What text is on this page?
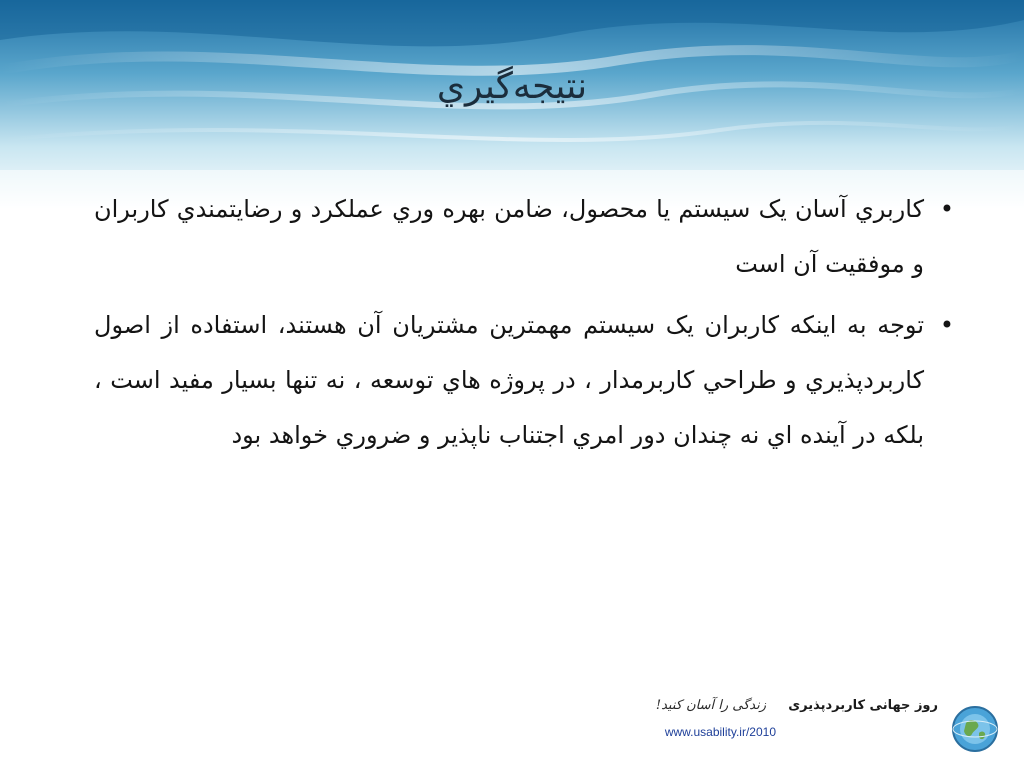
نتيجه‌گيري
•
کاربري آسان يک سيستم يا محصول، ضامن بهره وري عملکرد و رضايتمندي کاربران و موفقيت آن است
•
توجه به اينکه کاربران يک سيستم مهمترين مشتريان آن هستند، استفاده از اصول کاربردپذيري و طراحي کاربرمدار ، در پروژه هاي توسعه ، نه تنها بسيار مفيد است ، بلکه در آينده اي نه چندان دور امري اجتناب ناپذير و ضروري خواهد بود
روز جهانی کاربردپذیری
زندگی را آسان کنید!
www.usability.ir/2010
